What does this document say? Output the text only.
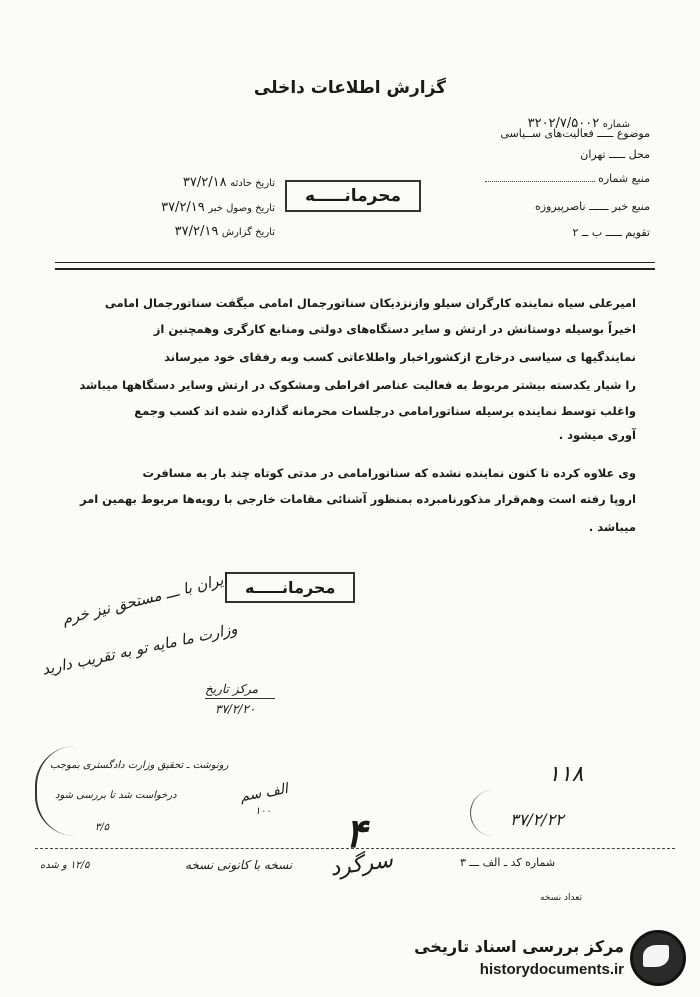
گزارش اطلاعات داخلی
شماره ۳۲۰۲/۷/۵۰۰۲
موضوع ـــــ فعالیت‌های ســیاسی
محل ـــــ تهران
منبع شماره
منبع خبر ــــــ ناصرپیروزه
تقویم ـــــ ب ــ ۲
تاریخ حادثه ۳۷/۲/۱۸
تاریخ وصول خبر ۳۷/۲/۱۹
تاریخ گزارش ۳۷/۲/۱۹
محرمانـــــه
امیرعلی سیاه نماینده کارگران سیلو وازنزدیکان سناتورجمال امامی میگفت سناتورجمال امامی
اخیراً بوسیله دوستانش در ارتش و سایر دستگاه‌های دولتی ومنابع کارگری وهمچنین از
نمایندگیها ی سیاسی درخارج ازکشوراخبار واطلاعاتی کسب وبه رفقای خود میرساند
را شیار یکدسته بیشتر مربوط به فعالیت عناصر افراطی ومشکوک در ارتش وسایر دستگاهها میباشد
واغلب توسط نماینده برسیله سناتورامامی درجلسات محرمانه گذارده شده اند کسب وجمع
آوری میشود .
وی علاوه کرده تا کنون نماینده نشده که سناتورامامی در مدتی کوتاه چند بار به مسافرت
اروپا رفته است وهم‌قرار مذکورنامبرده بمنظور آشنائی مقامات خارجی با رویه‌ها مربوط بهمین امر
میباشد .
محرمانـــــه
ایران با ـــ مستحق نیز خرم
وزارت ما مایه تو به تقریب دارید
مرکز تاریخ
۳۷/۲/۲۰
۱۱۸
۳۷/۲/۲۲
رونوشت ـ تحقیق وزارت دادگستری بموجب
درخواست شد تا بررسی شود
۳/۵
الف سم
۱۰۰ ۴
سرگرد
نسخه با کانونی نسخه
۱۲/۵ و شده	شماره کد ـ الف ـــ ۳
تعداد نسخه
مرکز بررسی اسناد تاریخی
historydocuments.ir
